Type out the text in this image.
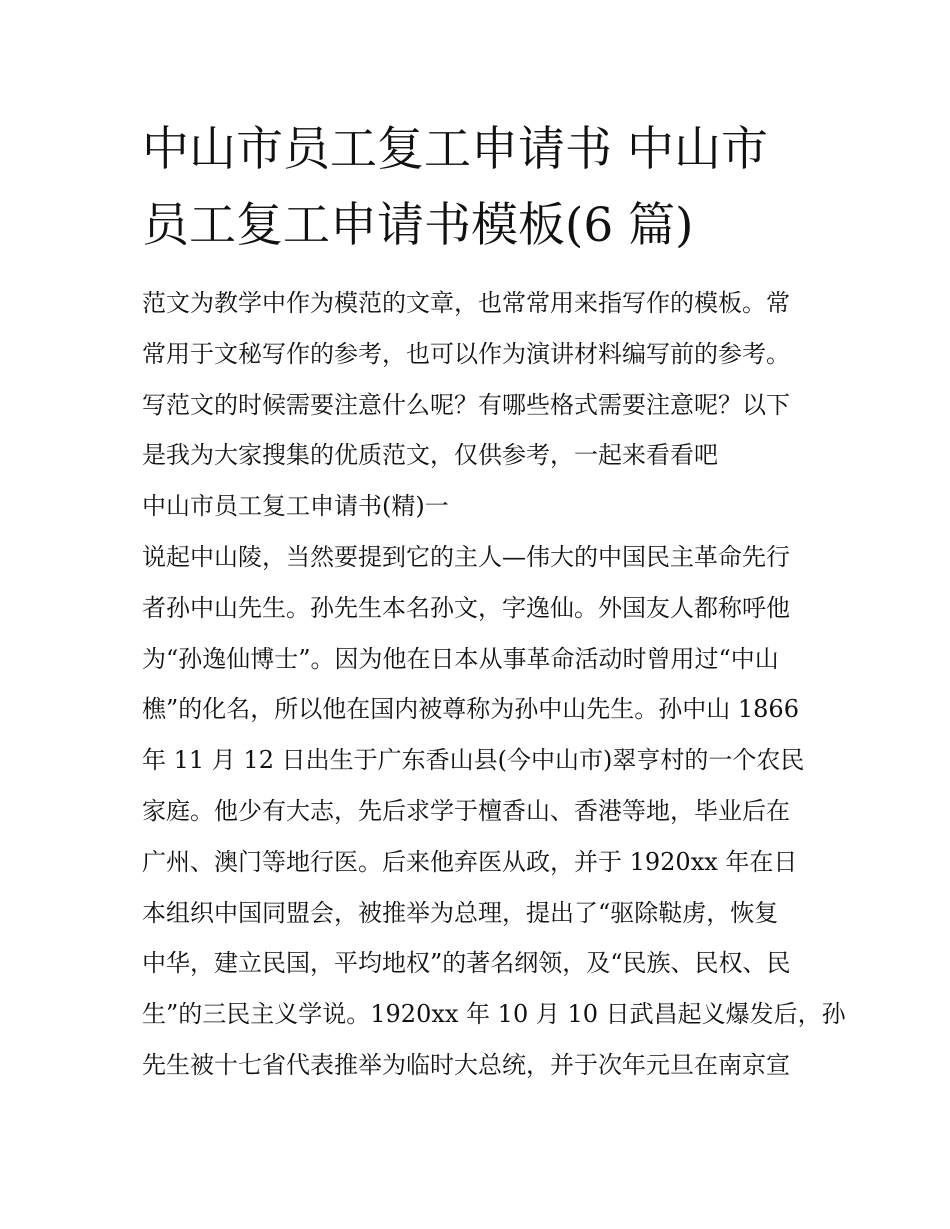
中山市员工复工申请书 中山市
员工复工申请书模板(6 篇)
范文为教学中作为模范的文章，也常常用来指写作的模板。常
常用于文秘写作的参考，也可以作为演讲材料编写前的参考。
写范文的时候需要注意什么呢？有哪些格式需要注意呢？以下
是我为大家搜集的优质范文，仅供参考，一起来看看吧
中山市员工复工申请书(精)一
说起中山陵，当然要提到它的主人—伟大的中国民主革命先行
者孙中山先生。孙先生本名孙文，字逸仙。外国友人都称呼他
为“孙逸仙博士”。因为他在日本从事革命活动时曾用过“中山
樵”的化名，所以他在国内被尊称为孙中山先生。孙中山 1866
年 11 月 12 日出生于广东香山县(今中山市)翠亨村的一个农民
家庭。他少有大志，先后求学于檀香山、香港等地，毕业后在
广州、澳门等地行医。后来他弃医从政，并于 1920xx 年在日
本组织中国同盟会，被推举为总理，提出了“驱除鞑虏，恢复
中华，建立民国，平均地权”的著名纲领，及“民族、民权、民
生”的三民主义学说。1920xx 年 10 月 10 日武昌起义爆发后，孙
先生被十七省代表推举为临时大总统，并于次年元旦在南京宣
